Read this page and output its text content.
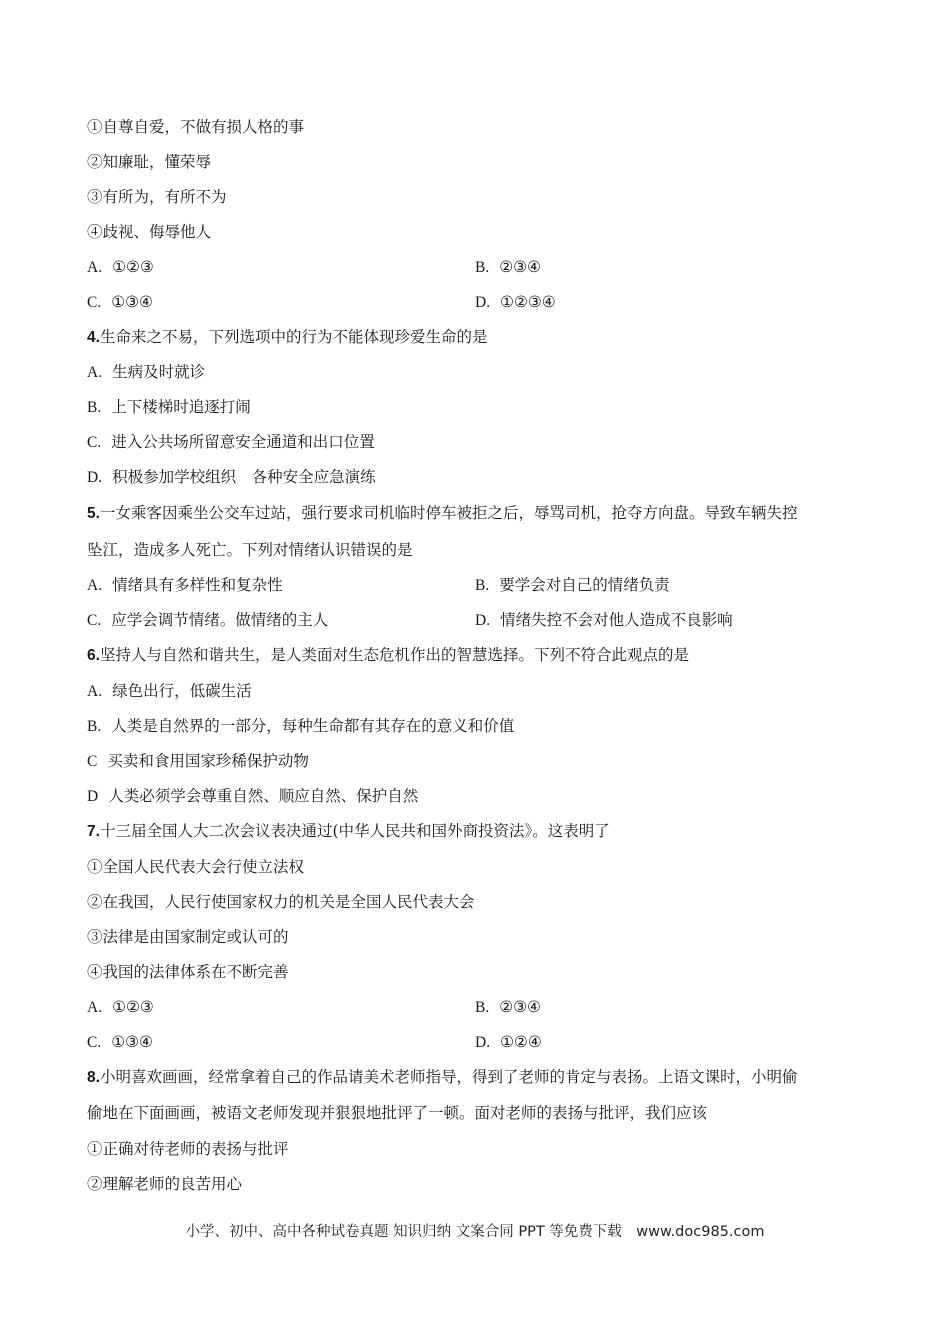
①自尊自爱，不做有损人格的事
②知廉耻，懂荣辱
③有所为，有所不为
④歧视、侮辱他人
A. ①②③	B. ②③④
C. ①③④	D. ①②③④
4.生命来之不易，下列选项中的行为不能体现珍爱生命的是
A. 生病及时就诊
B. 上下楼梯时追逐打闹
C. 进入公共场所留意安全通道和出口位置
D. 积极参加学校组织　各种安全应急演练
5.一女乘客因乘坐公交车过站，强行要求司机临时停车被拒之后，辱骂司机，抢夺方向盘。导致车辆失控
坠江，造成多人死亡。下列对情绪认识错误的是
A. 情绪具有多样性和复杂性	B. 要学会对自己的情绪负责
C. 应学会调节情绪。做情绪的主人	D. 情绪失控不会对他人造成不良影响
6.坚持人与自然和谐共生，是人类面对生态危机作出的智慧选择。下列不符合此观点的是
A. 绿色出行，低碳生活
B. 人类是自然界的一部分，每种生命都有其存在的意义和价值
C 买卖和食用国家珍稀保护动物
D 人类必须学会尊重自然、顺应自然、保护自然
7.十三届全国人大二次会议表决通过(中华人民共和国外商投资法》。这表明了
①全国人民代表大会行使立法权
②在我国，人民行使国家权力的机关是全国人民代表大会
③法律是由国家制定或认可的
④我国的法律体系在不断完善
A. ①②③	B. ②③④
C. ①③④	D. ①②④
8.小明喜欢画画，经常拿着自己的作品请美术老师指导，得到了老师的肯定与表扬。上语文课时，小明偷
偷地在下面画画，被语文老师发现并狠狠地批评了一顿。面对老师的表扬与批评，我们应该
①正确对待老师的表扬与批评
②理解老师的良苦用心
小学、初中、高中各种试卷真题 知识归纳 文案合同 PPT 等免费下载　www.doc985.com
